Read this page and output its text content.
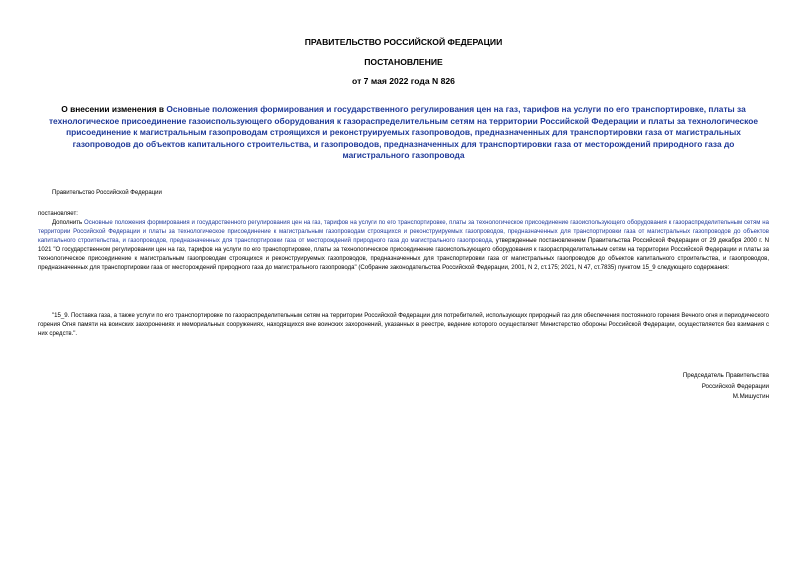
ПРАВИТЕЛЬСТВО РОССИЙСКОЙ ФЕДЕРАЦИИ
ПОСТАНОВЛЕНИЕ
от 7 мая 2022 года N 826
О внесении изменения в Основные положения формирования и государственного регулирования цен на газ, тарифов на услуги по его транспортировке, платы за технологическое присоединение газоиспользующего оборудования к газораспределительным сетям на территории Российской Федерации и платы за технологическое присоединение к магистральным газопроводам строящихся и реконструируемых газопроводов, предназначенных для транспортировки газа от магистральных газопроводов до объектов капитального строительства, и газопроводов, предназначенных для транспортировки газа от месторождений природного газа до магистрального газопровода
Правительство Российской Федерации
постановляет:
Дополнить Основные положения формирования и государственного регулирования цен на газ, тарифов на услуги по его транспортировке, платы за технологическое присоединение газоиспользующего оборудования к газораспределительным сетям на территории Российской Федерации и платы за технологическое присоединение к магистральным газопроводам строящихся и реконструируемых газопроводов, предназначенных для транспортировки газа от магистральных газопроводов до объектов капитального строительства, и газопроводов, предназначенных для транспортировки газа от месторождений природного газа до магистрального газопровода, утвержденные постановлением Правительства Российской Федерации от 29 декабря 2000 г. N 1021 "О государственном регулировании цен на газ, тарифов на услуги по его транспортировке, платы за технологическое присоединение газоиспользующего оборудования к газораспределительным сетям на территории Российской Федерации и платы за технологическое присоединение к магистральным газопроводам строящихся и реконструируемых газопроводов, предназначенных для транспортировки газа от магистральных газопроводов до объектов капитального строительства, и газопроводов, предназначенных для транспортировки газа от месторождений природного газа до магистрального газопровода" (Собрание законодательства Российской Федерации, 2001, N 2, ст.175; 2021, N 47, ст.7835) пунктом 15_9 следующего содержания:
"15_9. Поставка газа, а также услуги по его транспортировке по газораспределительным сетям на территории Российской Федерации для потребителей, использующих природный газ для обеспечения постоянного горения Вечного огня и периодического горения Огня памяти на воинских захоронениях и мемориальных сооружениях, находящихся вне воинских захоронений, указанных в реестре, ведение которого осуществляет Министерство обороны Российской Федерации, осуществляется без взимания с них средств.".
Председатель Правительства
Российской Федерации
М.Мишустин
